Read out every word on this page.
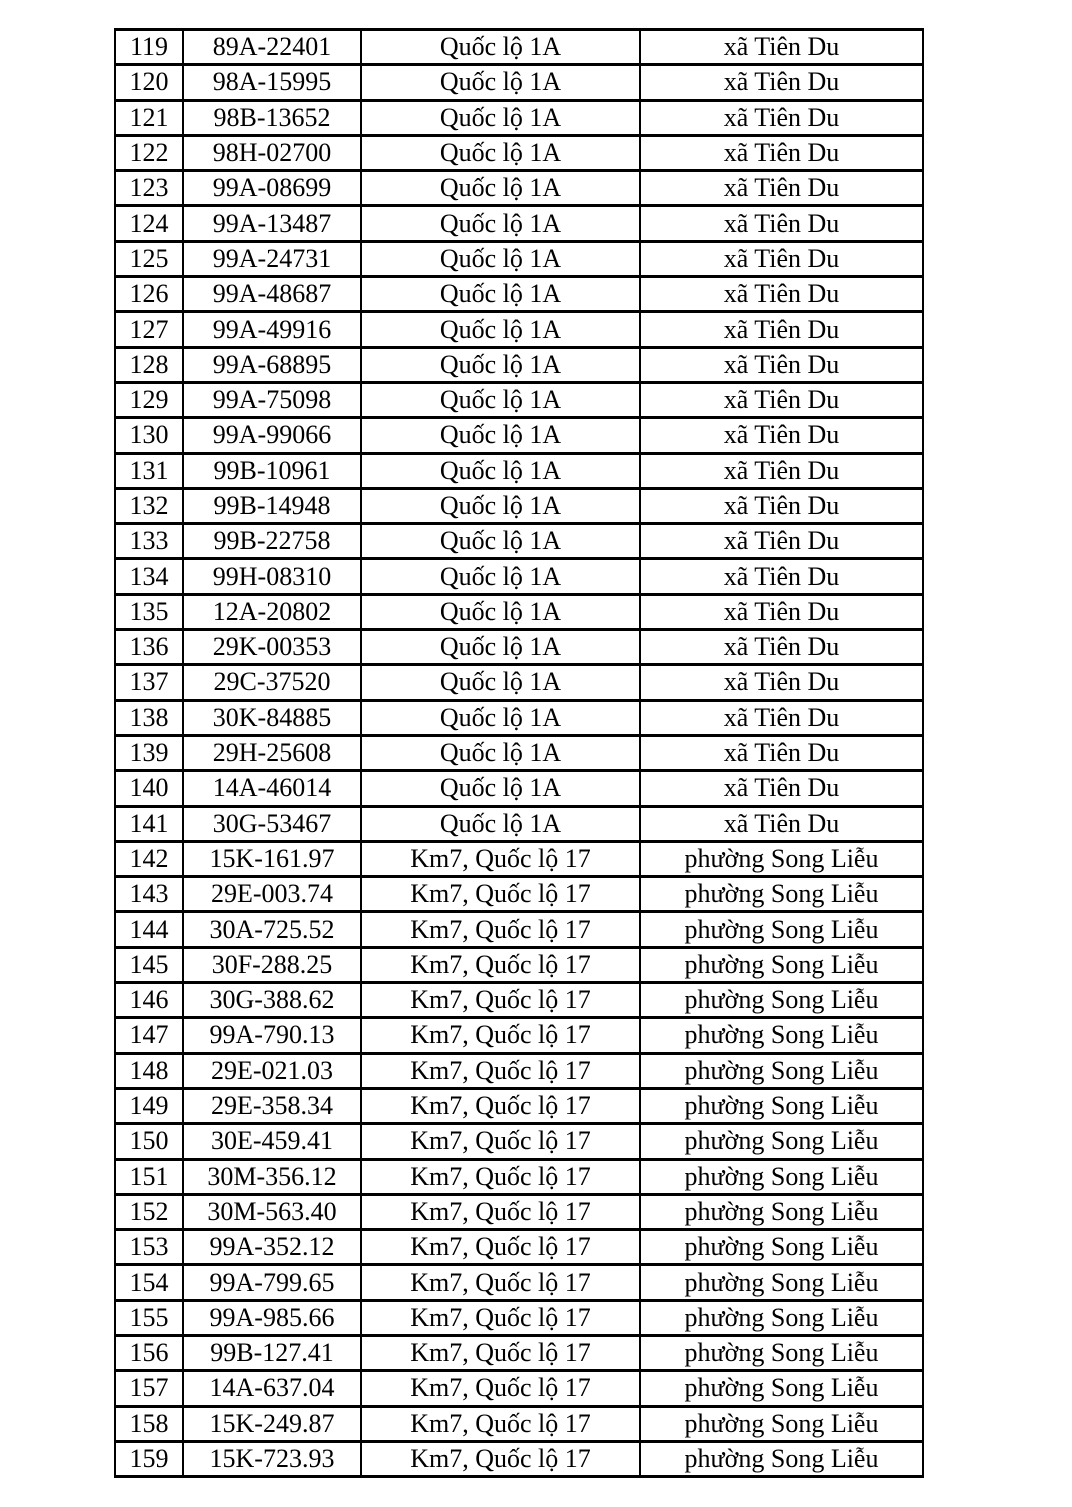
119	89A-22401	Quốc lộ 1A	xã Tiên Du
120	98A-15995	Quốc lộ 1A	xã Tiên Du
121	98B-13652	Quốc lộ 1A	xã Tiên Du
122	98H-02700	Quốc lộ 1A	xã Tiên Du
123	99A-08699	Quốc lộ 1A	xã Tiên Du
124	99A-13487	Quốc lộ 1A	xã Tiên Du
125	99A-24731	Quốc lộ 1A	xã Tiên Du
126	99A-48687	Quốc lộ 1A	xã Tiên Du
127	99A-49916	Quốc lộ 1A	xã Tiên Du
128	99A-68895	Quốc lộ 1A	xã Tiên Du
129	99A-75098	Quốc lộ 1A	xã Tiên Du
130	99A-99066	Quốc lộ 1A	xã Tiên Du
131	99B-10961	Quốc lộ 1A	xã Tiên Du
132	99B-14948	Quốc lộ 1A	xã Tiên Du
133	99B-22758	Quốc lộ 1A	xã Tiên Du
134	99H-08310	Quốc lộ 1A	xã Tiên Du
135	12A-20802	Quốc lộ 1A	xã Tiên Du
136	29K-00353	Quốc lộ 1A	xã Tiên Du
137	29C-37520	Quốc lộ 1A	xã Tiên Du
138	30K-84885	Quốc lộ 1A	xã Tiên Du
139	29H-25608	Quốc lộ 1A	xã Tiên Du
140	14A-46014	Quốc lộ 1A	xã Tiên Du
141	30G-53467	Quốc lộ 1A	xã Tiên Du
142	15K-161.97	Km7, Quốc lộ 17	phường Song Liễu
143	29E-003.74	Km7, Quốc lộ 17	phường Song Liễu
144	30A-725.52	Km7, Quốc lộ 17	phường Song Liễu
145	30F-288.25	Km7, Quốc lộ 17	phường Song Liễu
146	30G-388.62	Km7, Quốc lộ 17	phường Song Liễu
147	99A-790.13	Km7, Quốc lộ 17	phường Song Liễu
148	29E-021.03	Km7, Quốc lộ 17	phường Song Liễu
149	29E-358.34	Km7, Quốc lộ 17	phường Song Liễu
150	30E-459.41	Km7, Quốc lộ 17	phường Song Liễu
151	30M-356.12	Km7, Quốc lộ 17	phường Song Liễu
152	30M-563.40	Km7, Quốc lộ 17	phường Song Liễu
153	99A-352.12	Km7, Quốc lộ 17	phường Song Liễu
154	99A-799.65	Km7, Quốc lộ 17	phường Song Liễu
155	99A-985.66	Km7, Quốc lộ 17	phường Song Liễu
156	99B-127.41	Km7, Quốc lộ 17	phường Song Liễu
157	14A-637.04	Km7, Quốc lộ 17	phường Song Liễu
158	15K-249.87	Km7, Quốc lộ 17	phường Song Liễu
159	15K-723.93	Km7, Quốc lộ 17	phường Song Liễu
